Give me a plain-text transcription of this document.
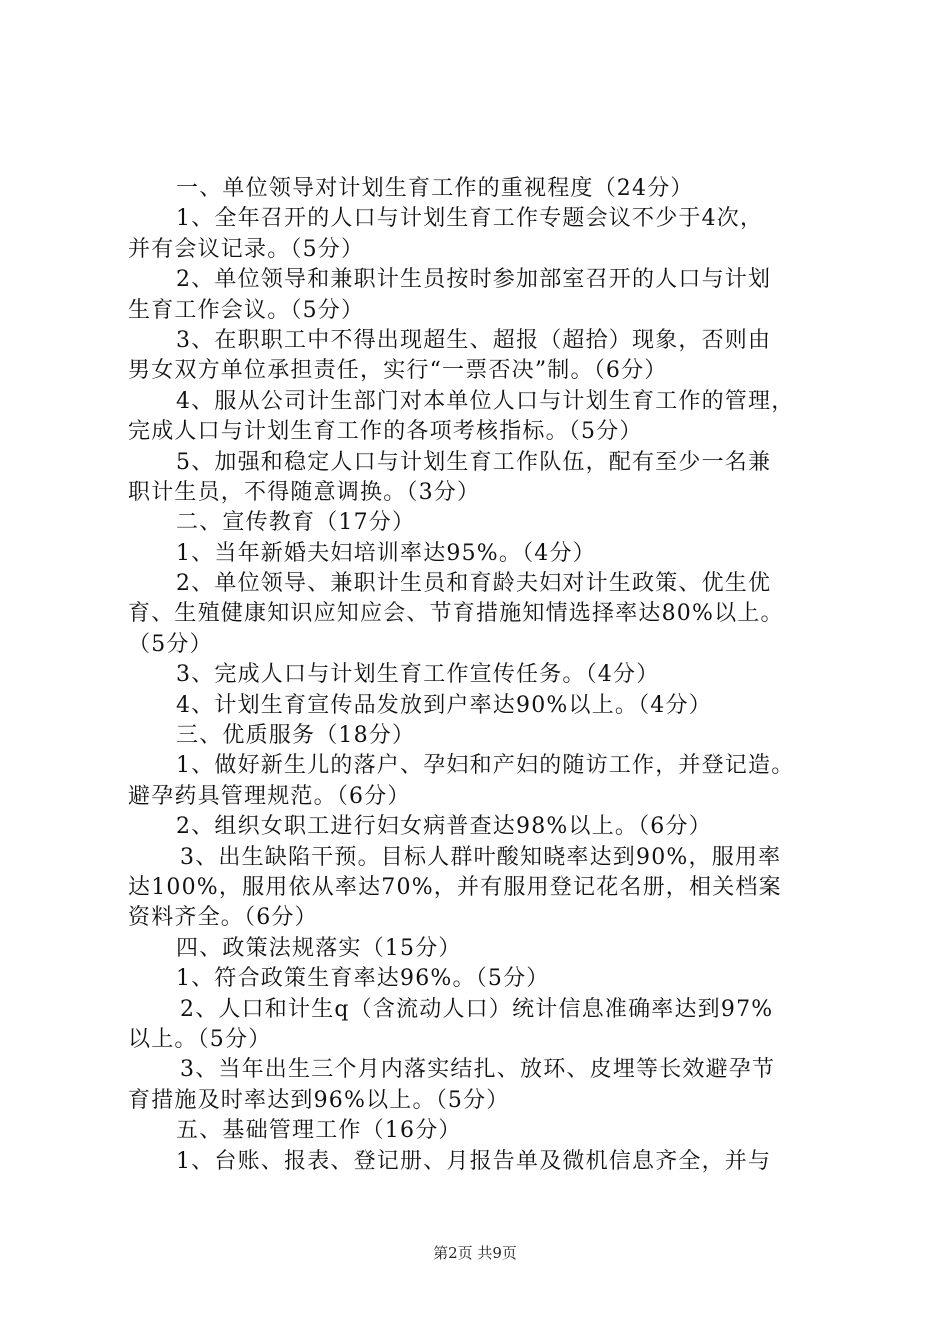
一、单位领导对计划生育工作的重视程度（24分）
1、全年召开的人口与计划生育工作专题会议不少于4次，
并有会议记录。（5分）
2、单位领导和兼职计生员按时参加部室召开的人口与计划
生育工作会议。（5分）
3、在职职工中不得出现超生、超报（超拾）现象，否则由
男女双方单位承担责任，实行“一票否决”制。（6分）
4、服从公司计生部门对本单位人口与计划生育工作的管理，
完成人口与计划生育工作的各项考核指标。（5分）
5、加强和稳定人口与计划生育工作队伍，配有至少一名兼
职计生员，不得随意调换。（3分）
二、宣传教育（17分）
1、当年新婚夫妇培训率达95%。（4分）
2、单位领导、兼职计生员和育龄夫妇对计生政策、优生优
育、生殖健康知识应知应会、节育措施知情选择率达80%以上。
（5分）
3、完成人口与计划生育工作宣传任务。（4分）
4、计划生育宣传品发放到户率达90%以上。（4分）
三、优质服务（18分）
1、做好新生儿的落户、孕妇和产妇的随访工作，并登记造。
避孕药具管理规范。（6分）
2、组织女职工进行妇女病普查达98%以上。（6分）
3、出生缺陷干预。目标人群叶酸知晓率达到90%，服用率
达100%，服用依从率达70%，并有服用登记花名册，相关档案
资料齐全。（6分）
四、政策法规落实（15分）
1、符合政策生育率达96%。（5分）
2、人口和计生q（含流动人口）统计信息准确率达到97%
以上。（5分）
3、当年出生三个月内落实结扎、放环、皮埋等长效避孕节
育措施及时率达到96%以上。（5分）
五、基础管理工作（16分）
1、台账、报表、登记册、月报告单及微机信息齐全，并与
第2页 共9页
